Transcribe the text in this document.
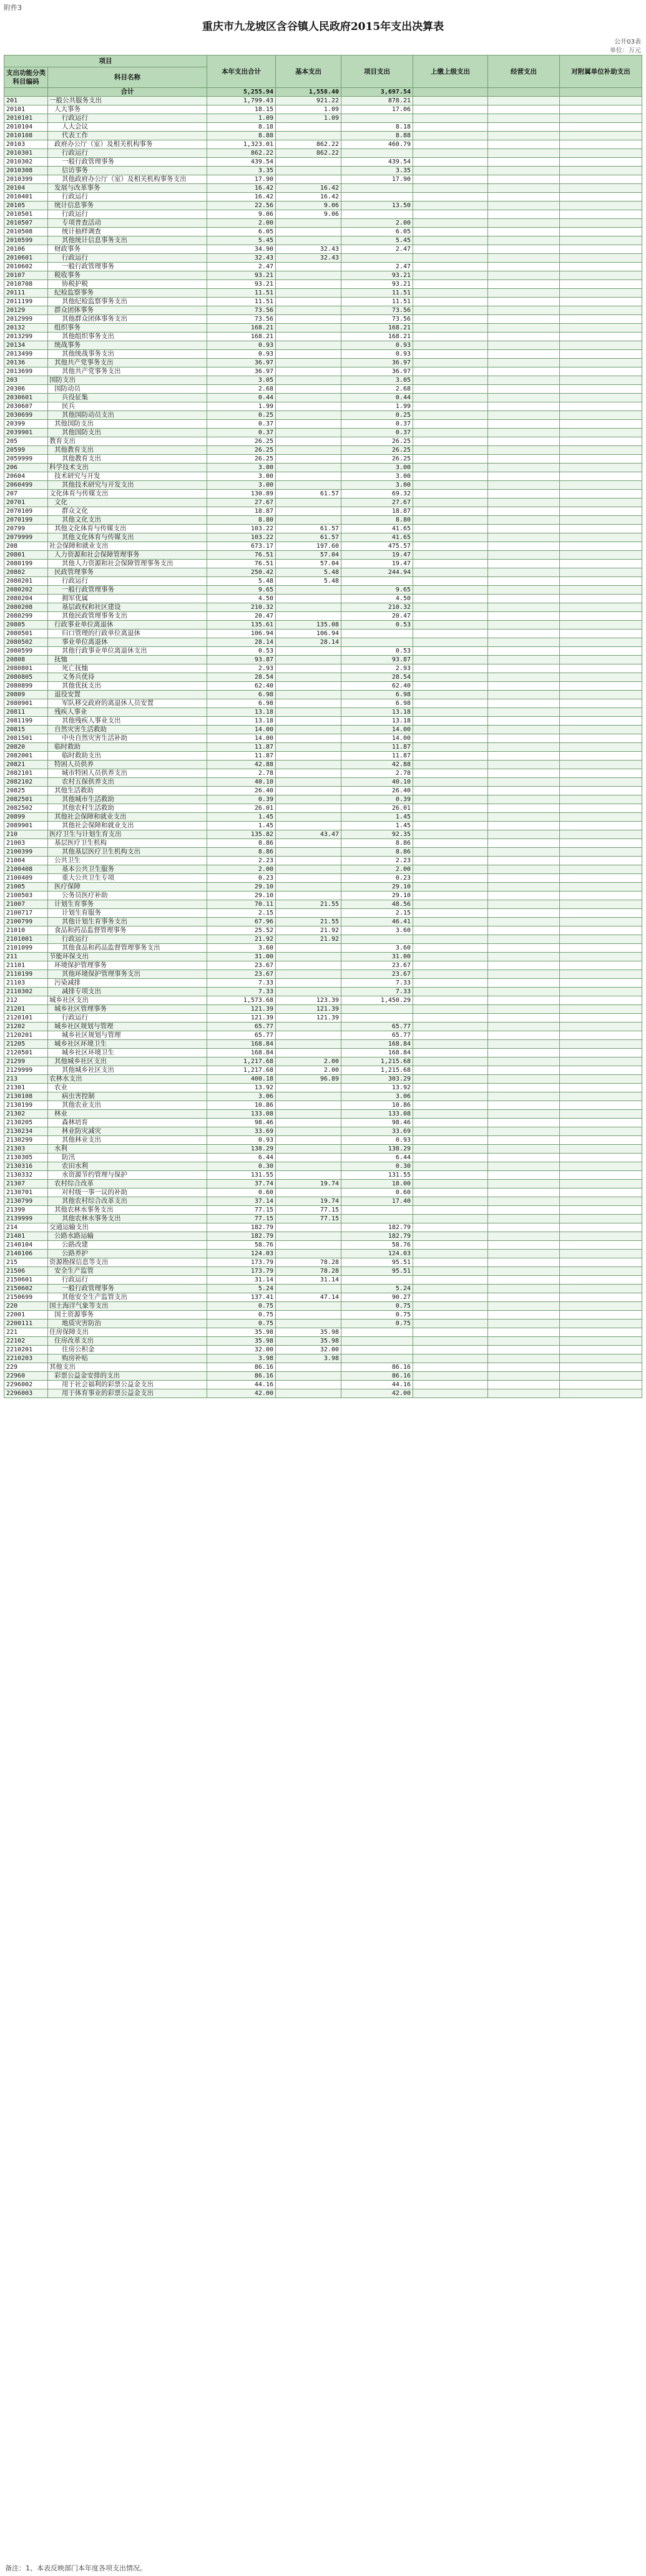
附件3
重庆市九龙坡区含谷镇人民政府2015年支出决算表
公开03表
单位：万元
项目		本年支出合计	基本支出	项目支出	上缴上级支出	经营支出	对附属单位补助支出
支出功能分类科目编码	科目名称						
	合计	5,255.94	1,558.40	3,697.54			
201	一般公共服务支出	1,799.43	921.22	878.21			
20101	人大事务	18.15	1.09	17.06			
2010101	行政运行	1.09	1.09				
2010104	人大会议	8.18		8.18			
2010108	代表工作	8.88		8.88			
20103	政府办公厅（室）及相关机构事务	1,323.01	862.22	460.79			
2010301	行政运行	862.22	862.22				
2010302	一般行政管理事务	439.54		439.54			
2010308	信访事务	3.35		3.35			
2010399	其他政府办公厅（室）及相关机构事务支出	17.90		17.90			
20104	发展与改革事务	16.42	16.42				
2010401	行政运行	16.42	16.42				
20105	统计信息事务	22.56	9.06	13.50			
2010501	行政运行	9.06	9.06				
2010507	专项普查活动	2.00		2.00			
2010508	统计抽样调查	6.05		6.05			
2010599	其他统计信息事务支出	5.45		5.45			
20106	财政事务	34.90	32.43	2.47			
2010601	行政运行	32.43	32.43				
2010602	一般行政管理事务	2.47		2.47			
20107	税收事务	93.21		93.21			
2010708	协税护税	93.21		93.21			
20111	纪检监察事务	11.51		11.51			
2011199	其他纪检监察事务支出	11.51		11.51			
20129	群众团体事务	73.56		73.56			
2012999	其他群众团体事务支出	73.56		73.56			
20132	组织事务	168.21		168.21			
2013299	其他组织事务支出	168.21		168.21			
20134	统战事务	0.93		0.93			
2013499	其他统战事务支出	0.93		0.93			
20136	其他共产党事务支出	36.97		36.97			
2013699	其他共产党事务支出	36.97		36.97			
203	国防支出	3.05		3.05			
20306	国防动员	2.68		2.68			
2030601	兵役征集	0.44		0.44			
2030607	民兵	1.99		1.99			
2030699	其他国防动员支出	0.25		0.25			
20399	其他国防支出	0.37		0.37			
2039901	其他国防支出	0.37		0.37			
205	教育支出	26.25		26.25			
20599	其他教育支出	26.25		26.25			
2059999	其他教育支出	26.25		26.25			
206	科学技术支出	3.00		3.00			
20604	技术研究与开发	3.00		3.00			
2060499	其他技术研究与开发支出	3.00		3.00			
207	文化体育与传媒支出	130.89	61.57	69.32			
20701	文化	27.67		27.67			
2070109	群众文化	18.87		18.87			
2070199	其他文化支出	8.80		8.80			
20799	其他文化体育与传媒支出	103.22	61.57	41.65			
2079999	其他文化体育与传媒支出	103.22	61.57	41.65			
208	社会保障和就业支出	673.17	197.60	475.57			
20801	人力资源和社会保障管理事务	76.51	57.04	19.47			
2080199	其他人力资源和社会保障管理事务支出	76.51	57.04	19.47			
20802	民政管理事务	250.42	5.48	244.94			
2080201	行政运行	5.48	5.48				
2080202	一般行政管理事务	9.65		9.65			
2080204	拥军优属	4.50		4.50			
2080208	基层政权和社区建设	210.32		210.32			
2080299	其他民政管理事务支出	20.47		20.47			
20805	行政事业单位离退休	135.61	135.08	0.53			
2080501	归口管理的行政单位离退休	106.94	106.94				
2080502	事业单位离退休	28.14	28.14				
2080599	其他行政事业单位离退休支出	0.53		0.53			
20808	抚恤	93.87		93.87			
2080801	死亡抚恤	2.93		2.93			
2080805	义务兵优待	28.54		28.54			
2080899	其他优抚支出	62.40		62.40			
20809	退役安置	6.98		6.98			
2080901	军队移交政府的离退休人员安置	6.98		6.98			
20811	残疾人事业	13.18		13.18			
2081199	其他残疾人事业支出	13.18		13.18			
20815	自然灾害生活救助	14.00		14.00			
2081501	中央自然灾害生活补助	14.00		14.00			
20820	临时救助	11.87		11.87			
2082001	临时救助支出	11.87		11.87			
20821	特困人员供养	42.88		42.88			
2082101	城市特困人员供养支出	2.78		2.78			
2082102	农村五保供养支出	40.10		40.10			
20825	其他生活救助	26.40		26.40			
2082501	其他城市生活救助	0.39		0.39			
2082502	其他农村生活救助	26.01		26.01			
20899	其他社会保障和就业支出	1.45		1.45			
2089901	其他社会保障和就业支出	1.45		1.45			
210	医疗卫生与计划生育支出	135.82	43.47	92.35			
21003	基层医疗卫生机构	8.86		8.86			
2100399	其他基层医疗卫生机构支出	8.86		8.86			
21004	公共卫生	2.23		2.23			
2100408	基本公共卫生服务	2.00		2.00			
2100409	重大公共卫生专项	0.23		0.23			
21005	医疗保障	29.10		29.10			
2100503	公务员医疗补助	29.10		29.10			
21007	计划生育事务	70.11	21.55	48.56			
2100717	计划生育服务	2.15		2.15			
2100799	其他计划生育事务支出	67.96	21.55	46.41			
21010	食品和药品监督管理事务	25.52	21.92	3.60			
2101001	行政运行	21.92	21.92				
2101099	其他食品和药品监督管理事务支出	3.60		3.60			
211	节能环保支出	31.00		31.00			
21101	环境保护管理事务	23.67		23.67			
2110199	其他环境保护管理事务支出	23.67		23.67			
21103	污染减排	7.33		7.33			
2110302	减排专项支出	7.33		7.33			
212	城乡社区支出	1,573.68	123.39	1,450.29			
21201	城乡社区管理事务	121.39	121.39				
2120101	行政运行	121.39	121.39				
21202	城乡社区规划与管理	65.77		65.77			
2120201	城乡社区规划与管理	65.77		65.77			
21205	城乡社区环境卫生	168.84		168.84			
2120501	城乡社区环境卫生	168.84		168.84			
21299	其他城乡社区支出	1,217.68	2.00	1,215.68			
2129999	其他城乡社区支出	1,217.68	2.00	1,215.68			
213	农林水支出	400.18	96.89	303.29			
21301	农业	13.92		13.92			
2130108	病虫害控制	3.06		3.06			
2130199	其他农业支出	10.86		10.86			
21302	林业	133.08		133.08			
2130205	森林培育	98.46		98.46			
2130234	林业防灾减灾	33.69		33.69			
2130299	其他林业支出	0.93		0.93			
21303	水利	138.29		138.29			
2130305	防汛	6.44		6.44			
2130316	农田水利	0.30		0.30			
2130332	水资源节约管理与保护	131.55		131.55			
21307	农村综合改革	37.74	19.74	18.00			
2130701	对村级一事一议的补助	0.60		0.60			
2130799	其他农村综合改革支出	37.14	19.74	17.40			
21399	其他农林水事务支出	77.15	77.15				
2139999	其他农林水事务支出	77.15	77.15				
214	交通运输支出	182.79		182.79			
21401	公路水路运输	182.79		182.79			
2140104	公路改建	58.76		58.76			
2140106	公路养护	124.03		124.03			
215	资源勘探信息等支出	173.79	78.28	95.51			
21506	安全生产监管	173.79	78.28	95.51			
2150601	行政运行	31.14	31.14				
2150602	一般行政管理事务	5.24		5.24			
2150699	其他安全生产监管支出	137.41	47.14	90.27			
220	国土海洋气象等支出	0.75		0.75			
22001	国土资源事务	0.75		0.75			
2200111	地质灾害防治	0.75		0.75			
221	住房保障支出	35.98	35.98				
22102	住房改革支出	35.98	35.98				
2210201	住房公积金	32.00	32.00				
2210203	购房补贴	3.98	3.98				
229	其他支出	86.16		86.16			
22960	彩票公益金安排的支出	86.16		86.16			
2296002	用于社会福利的彩票公益金支出	44.16		44.16			
2296003	用于体育事业的彩票公益金支出	42.00		42.00			
备注：1、本表反映部门本年度各项支出情况。
